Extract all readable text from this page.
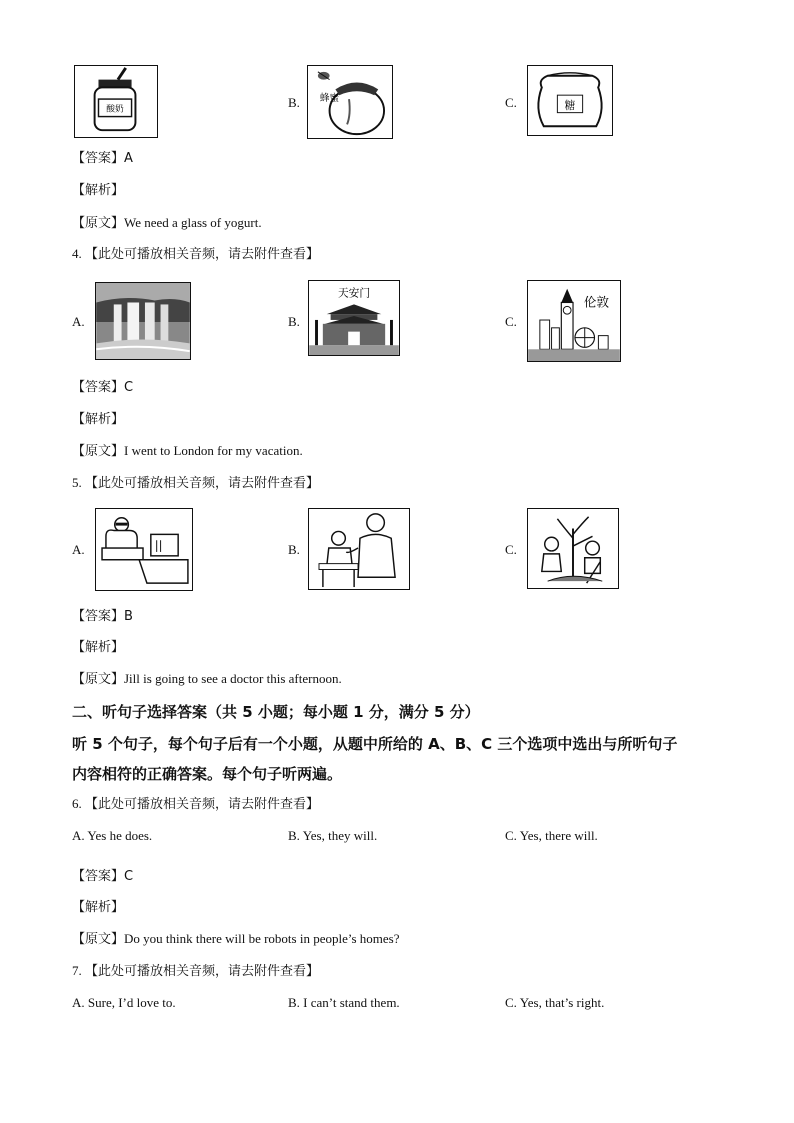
酸奶	B. 蜂蜜	C.	糖
【答案】A
【解析】
【原文】We need a glass of yogurt.
4. 【此处可播放相关音频，请去附件查看】
A.	B.
天安门
C.
伦敦
【答案】C
【解析】
【原文】I went to London for my vacation.
5. 【此处可播放相关音频，请去附件查看】
A.	B.	C.
【答案】B
【解析】
【原文】Jill is going to see a doctor this afternoon.
二、听句子选择答案（共 5 小题；每小题 1 分，满分 5 分）
听 5 个句子，每个句子后有一个小题，从题中所给的 A、B、C 三个选项中选出与所听句子
内容相符的正确答案。每个句子听两遍。
6. 【此处可播放相关音频，请去附件查看】
A. Yes he does.	B. Yes, they will.	C. Yes, there will.
【答案】C
【解析】
【原文】Do you think there will be robots in people’s homes?
7. 【此处可播放相关音频，请去附件查看】
A. Sure, I’d love to.	B. I can’t stand them.	C. Yes, that’s right.
